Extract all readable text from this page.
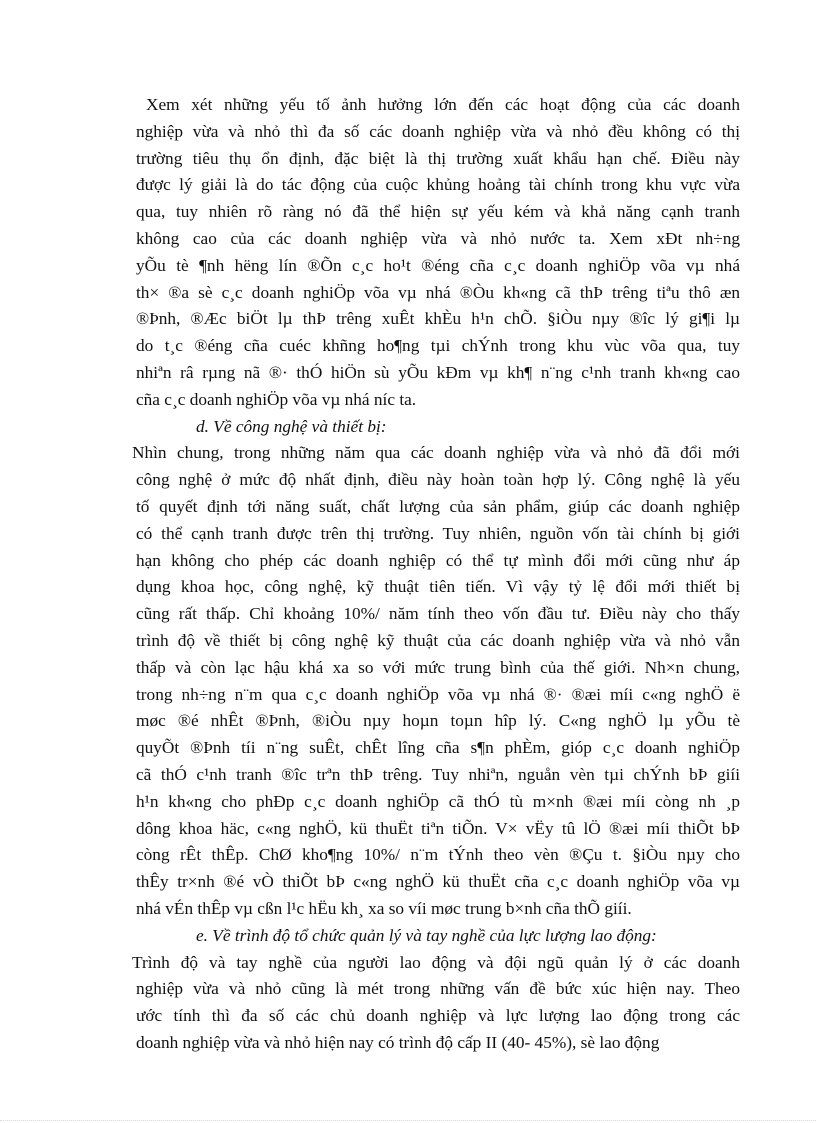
Xem xét những yếu tố ảnh hưởng lớn đến các hoạt động của các doanh
nghiệp vừa và nhỏ thì đa số các doanh nghiệp vừa và nhỏ đều không có thị
trường tiêu thụ ổn định, đặc biệt là thị trường xuất khẩu hạn chế. Điều này
được lý giải là do tác động của cuộc khủng hoảng tài chính trong khu vực vừa
qua, tuy nhiên rõ ràng nó đã thể hiện sự yếu kém và khả năng cạnh tranh
không cao của các doanh nghiệp vừa và nhỏ nước ta. Xem xÐt nh÷ng
yÕu tè ¶nh hëng lín ®Õn c¸c ho¹t ®éng cña c¸c doanh nghiÖp võa vµ nhá
th× ®a sè c¸c doanh nghiÖp võa vµ nhá ®Òu kh«ng cã thÞ trêng tiªu thô æn
®Þnh, ®Æc biÖt lµ thÞ trêng xuÊt khÈu h¹n chÕ. §iÒu nµy ®îc lý gi¶i lµ
do t¸c ®éng cña cuéc khñng ho¶ng tµi chÝnh trong khu vùc võa qua, tuy
nhiªn râ rµng nã ®· thÓ hiÖn sù yÕu kÐm vµ kh¶ n¨ng c¹nh tranh kh«ng cao
cña c¸c doanh nghiÖp võa vµ nhá níc ta.
d. Về công nghệ và thiết bị:
Nhìn chung, trong những năm qua các doanh nghiệp vừa và nhỏ đã đổi mới
công nghệ ở mức độ nhất định, điều này hoàn toàn hợp lý. Công nghệ là yếu
tố quyết định tới năng suất, chất lượng của sản phẩm, giúp các doanh nghiệp
có thể cạnh tranh được trên thị trường. Tuy nhiên, nguồn vốn tài chính bị giới
hạn không cho phép các doanh nghiệp có thể tự mình đổi mới cũng như áp
dụng khoa học, công nghệ, kỹ thuật tiên tiến. Vì vậy tỷ lệ đổi mới thiết bị
cũng rất thấp. Chỉ khoảng 10%/ năm tính theo vốn đầu tư. Điều này cho thấy
trình độ về thiết bị công nghệ kỹ thuật của các doanh nghiệp vừa và nhỏ vẫn
thấp và còn lạc hậu khá xa so với mức trung bình của thế giới. Nh×n chung,
trong nh÷ng n¨m qua c¸c doanh nghiÖp võa vµ nhá ®· ®æi míi c«ng nghÖ ë
møc ®é nhÊt ®Þnh, ®iÒu nµy hoµn toµn hîp lý. C«ng nghÖ lµ yÕu tè
quyÕt ®Þnh tíi n¨ng suÊt, chÊt lîng cña s¶n phÈm, gióp c¸c doanh nghiÖp
cã thÓ c¹nh tranh ®îc trªn thÞ trêng. Tuy nhiªn, nguån vèn tµi chÝnh bÞ giíi
h¹n kh«ng cho phÐp c¸c doanh nghiÖp cã thÓ tù m×nh ®æi míi còng nh ¸p
dông khoa häc, c«ng nghÖ, kü thuËt tiªn tiÕn. V× vËy tû lÖ ®æi míi thiÕt bÞ
còng rÊt thÊp. ChØ kho¶ng 10%/ n¨m tÝnh theo vèn ®Çu t. §iÒu nµy cho
thÊy tr×nh ®é vÒ thiÕt bÞ c«ng nghÖ kü thuËt cña c¸c doanh nghiÖp võa vµ
nhá vÉn thÊp vµ cßn l¹c hËu kh¸ xa so víi møc trung b×nh cña thÕ giíi.
e. Về trình độ tổ chức quản lý và tay nghề của lực lượng lao động:
Trình độ và tay nghề của người lao động và đội ngũ quản lý ở các doanh
nghiệp vừa và nhỏ cũng là mét trong những vấn đề bức xúc hiện nay. Theo
ước tính thì đa số các chủ doanh nghiệp và lực lượng lao động trong các
doanh nghiệp vừa và nhỏ hiện nay có trình độ cấp II (40- 45%), sè lao động
